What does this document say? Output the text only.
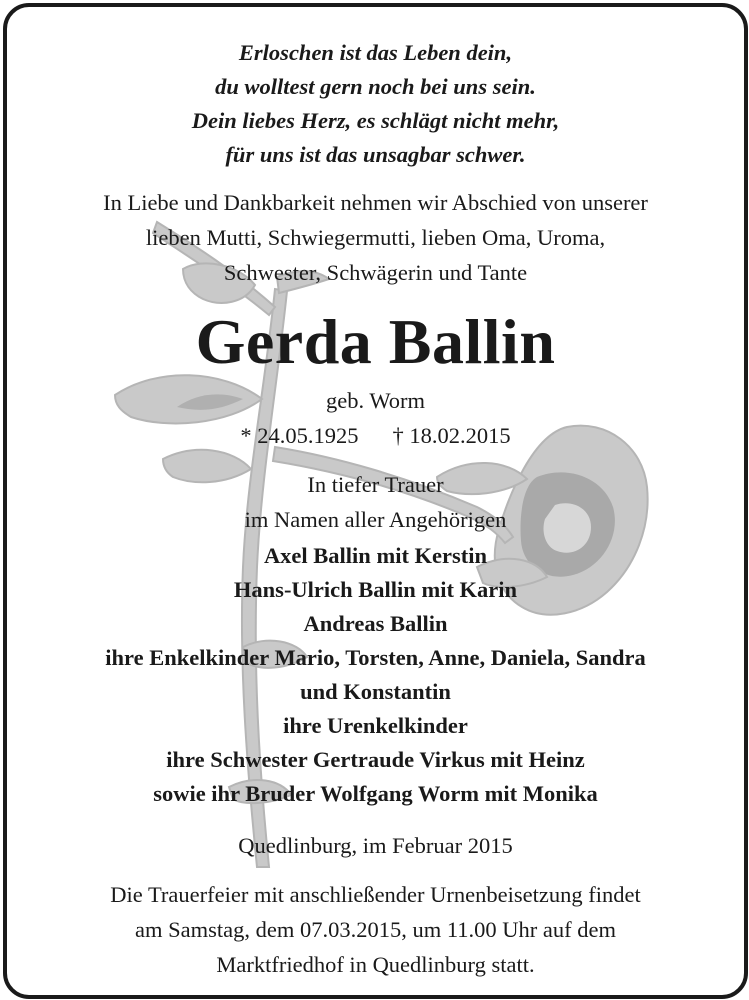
Erloschen ist das Leben dein,
du wolltest gern noch bei uns sein.
Dein liebes Herz, es schlägt nicht mehr,
für uns ist das unsagbar schwer.
In Liebe und Dankbarkeit nehmen wir Abschied von unserer
lieben Mutti, Schwiegermutti, lieben Oma, Uroma,
Schwester, Schwägerin und Tante
Gerda Ballin
geb. Worm
* 24.05.1925 † 18.02.2015
In tiefer Trauer
im Namen aller Angehörigen
Axel Ballin mit Kerstin
Hans-Ulrich Ballin mit Karin
Andreas Ballin
ihre Enkelkinder Mario, Torsten, Anne, Daniela, Sandra
und Konstantin
ihre Urenkelkinder
ihre Schwester Gertraude Virkus mit Heinz
sowie ihr Bruder Wolfgang Worm mit Monika
Quedlinburg, im Februar 2015
Die Trauerfeier mit anschließender Urnenbeisetzung findet
am Samstag, dem 07.03.2015, um 11.00 Uhr auf dem
Marktfriedhof in Quedlinburg statt.
